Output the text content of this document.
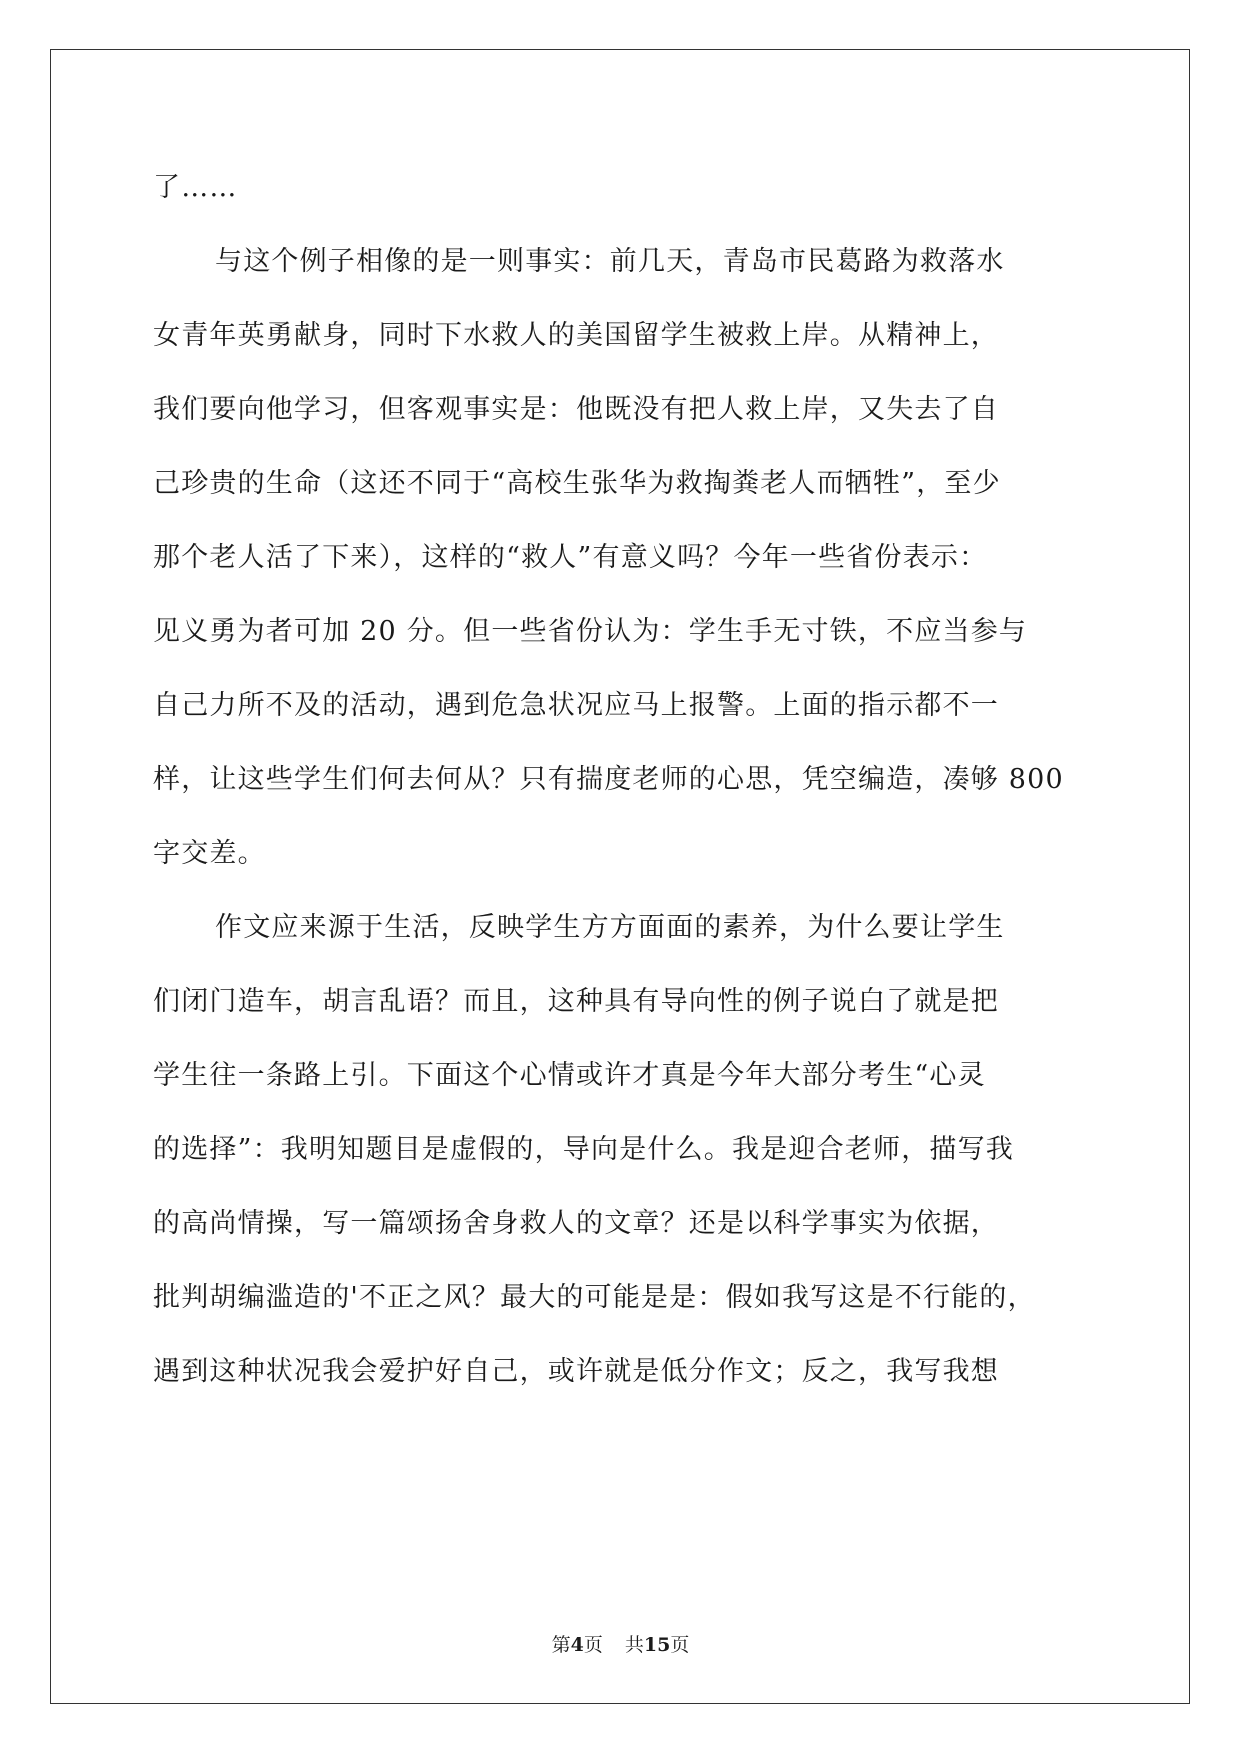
了……
与这个例子相像的是一则事实：前几天，青岛市民葛路为救落水
女青年英勇献身，同时下水救人的美国留学生被救上岸。从精神上，
我们要向他学习，但客观事实是：他既没有把人救上岸，又失去了自
己珍贵的生命（这还不同于“高校生张华为救掏粪老人而牺牲”，至少
那个老人活了下来），这样的“救人”有意义吗？今年一些省份表示：
见义勇为者可加 20 分。但一些省份认为：学生手无寸铁，不应当参与
自己力所不及的活动，遇到危急状况应马上报警。上面的指示都不一
样，让这些学生们何去何从？只有揣度老师的心思，凭空编造，凑够 800
字交差。
作文应来源于生活，反映学生方方面面的素养，为什么要让学生
们闭门造车，胡言乱语？而且，这种具有导向性的例子说白了就是把
学生往一条路上引。下面这个心情或许才真是今年大部分考生“心灵
的选择”：我明知题目是虚假的，导向是什么。我是迎合老师，描写我
的高尚情操，写一篇颂扬舍身救人的文章？还是以科学事实为依据，
批判胡编滥造的'不正之风？最大的可能是是：假如我写这是不行能的，
遇到这种状况我会爱护好自己，或许就是低分作文；反之，我写我想
第4页 共15页
